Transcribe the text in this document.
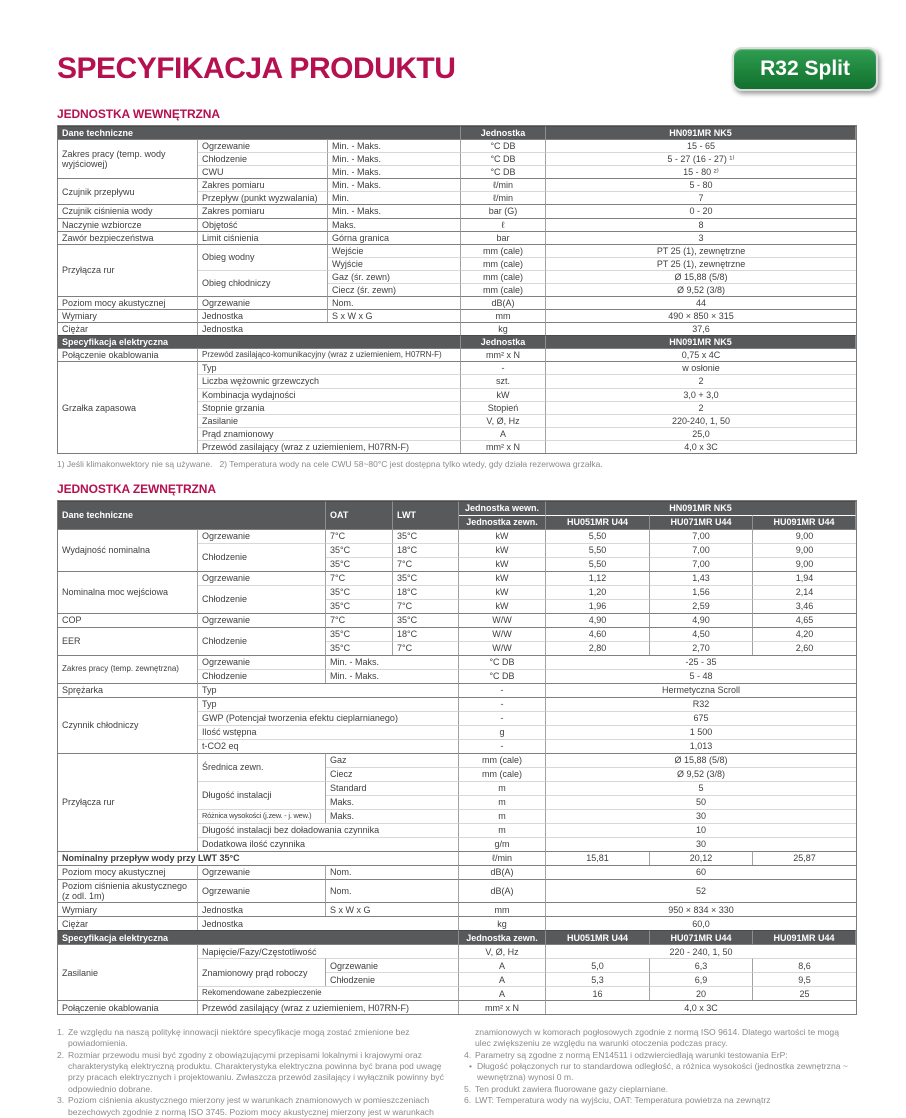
SPECYFIKACJA PRODUKTU	R32 Split
JEDNOSTKA WEWNĘTRZNA
Dane techniczne			Jednostka	HN091MR NK5
Zakres pracy (temp. wody wyjściowej)	Ogrzewanie	Min. - Maks.	°C DB	15 - 65
	Chłodzenie	Min. - Maks.	°C DB	5 - 27 (16 - 27) ¹⁾
	CWU	Min. - Maks.	°C DB	15 - 80 ²⁾
Czujnik przepływu	Zakres pomiaru	Min. - Maks.	ℓ/min	5 - 80
	Przepływ (punkt wyzwalania)	Min.	ℓ/min	7
Czujnik ciśnienia wody	Zakres pomiaru	Min. - Maks.	bar (G)	0 - 20
Naczynie wzbiorcze	Objętość	Maks.	ℓ	8
Zawór bezpieczeństwa	Limit ciśnienia	Górna granica	bar	3
Przyłącza rur	Obieg wodny	Wejście	mm (cale)	PT 25 (1), zewnętrzne
		Wyjście	mm (cale)	PT 25 (1), zewnętrzne
	Obieg chłodniczy	Gaz (śr. zewn)	mm (cale)	Ø 15,88 (5/8)
		Ciecz (śr. zewn)	mm (cale)	Ø 9,52 (3/8)
Poziom mocy akustycznej	Ogrzewanie	Nom.	dB(A)	44
Wymiary	Jednostka	S x W x G	mm	490 × 850 × 315
Ciężar	Jednostka		kg	37,6
Specyfikacja elektryczna			Jednostka	HN091MR NK5
Połączenie okablowania	Przewód zasilająco-komunikacyjny (wraz z uziemieniem, H07RN-F)		mm² x N	0,75 x 4C
Grzałka zapasowa	Typ		-	w osłonie
	Liczba wężownic grzewczych		szt.	2
	Kombinacja wydajności		kW	3,0 + 3,0
	Stopnie grzania		Stopień	2
	Zasilanie		V, Ø, Hz	220-240, 1, 50
	Prąd znamionowy		A	25,0
	Przewód zasilający (wraz z uziemieniem, H07RN-F)		mm² x N	4,0 x 3C
1) Jeśli klimakonwektory nie są używane.   2) Temperatura wody na cele CWU 58~80°C jest dostępna tylko wtedy, gdy działa rezerwowa grzałka.
JEDNOSTKA ZEWNĘTRZNA
Dane techniczne		OAT	LWT	Jednostka wewn.	HN091MR NK5		
				Jednostka zewn.	HU051MR U44	HU071MR U44	HU091MR U44
Wydajność nominalna	Ogrzewanie	7°C	35°C	kW	5,50	7,00	9,00
	Chłodzenie	35°C	18°C	kW	5,50	7,00	9,00
		35°C	7°C	kW	5,50	7,00	9,00
Nominalna moc wejściowa	Ogrzewanie	7°C	35°C	kW	1,12	1,43	1,94
	Chłodzenie	35°C	18°C	kW	1,20	1,56	2,14
		35°C	7°C	kW	1,96	2,59	3,46
COP	Ogrzewanie	7°C	35°C	W/W	4,90	4,90	4,65
EER	Chłodzenie	35°C	18°C	W/W	4,60	4,50	4,20
		35°C	7°C	W/W	2,80	2,70	2,60
Zakres pracy (temp. zewnętrzna)	Ogrzewanie	Min. - Maks.		°C DB	-25 - 35		
	Chłodzenie	Min. - Maks.		°C DB	5 - 48		
Sprężarka	Typ			-	Hermetyczna Scroll		
Czynnik chłodniczy	Typ			-	R32		
	GWP (Potencjał tworzenia efektu cieplarnianego)			-	675		
	Ilość wstępna			g	1 500		
	t-CO2 eq			-	1,013		
Przyłącza rur	Średnica zewn.	Gaz		mm (cale)	Ø 15,88 (5/8)		
		Ciecz		mm (cale)	Ø 9,52 (3/8)		
	Długość instalacji	Standard		m	5		
		Maks.		m	50		
	Różnica wysokości (j.zew. - j. wew.)	Maks.		m	30		
	Długość instalacji bez doładowania czynnika			m	10		
	Dodatkowa ilość czynnika			g/m	30		
Nominalny przepływ wody przy LWT 35°C				ℓ/min	15,81	20,12	25,87
Poziom mocy akustycznej	Ogrzewanie	Nom.		dB(A)	60		
Poziom ciśnienia akustycznego (z odl. 1m)	Ogrzewanie	Nom.		dB(A)	52		
Wymiary	Jednostka	S x W x G		mm	950 × 834 × 330		
Ciężar	Jednostka			kg	60,0		
Specyfikacja elektryczna				Jednostka zewn.	HU051MR U44	HU071MR U44	HU091MR U44
Zasilanie	Napięcie/Fazy/Częstotliwość			V, Ø, Hz	220 - 240, 1, 50		
	Znamionowy prąd roboczy	Ogrzewanie		A	5,0	6,3	8,6
		Chłodzenie		A	5,3	6,9	9,5
	Rekomendowane zabezpieczenie			A	16	20	25
Połączenie okablowania	Przewód zasilający (wraz z uziemieniem, H07RN-F)			mm² x N	4,0 x 3C		
1. Ze względu na naszą politykę innowacji niektóre specyfikacje mogą zostać zmienione bez powiadomienia.
2. Rozmiar przewodu musi być zgodny z obowiązującymi przepisami lokalnymi i krajowymi oraz charakterystyką elektryczną produktu. Charakterystyka elektryczna powinna być brana pod uwagę przy pracach elektrycznych i projektowaniu. Zwłaszcza przewód zasilający i wyłącznik powinny być odpowiednio dobrane.
3. Poziom ciśnienia akustycznego mierzony jest w warunkach znamionowych w pomieszczeniach bezechowych zgodnie z normą ISO 3745. Poziom mocy akustycznej mierzony jest w warunkach
znamionowych w komorach pogłosowych zgodnie z normą ISO 9614. Dlatego wartości te mogą ulec zwiększeniu ze względu na warunki otoczenia podczas pracy.
4. Parametry są zgodne z normą EN14511 i odzwierciedlają warunki testowania ErP:
• Długość połączonych rur to standardowa odległość, a różnica wysokości (jednostka zewnętrzna ~ wewnętrzna) wynosi 0 m.
5. Ten produkt zawiera fluorowane gazy cieplarniane.
6. LWT: Temperatura wody na wyjściu, OAT: Temperatura powietrza na zewnątrz
